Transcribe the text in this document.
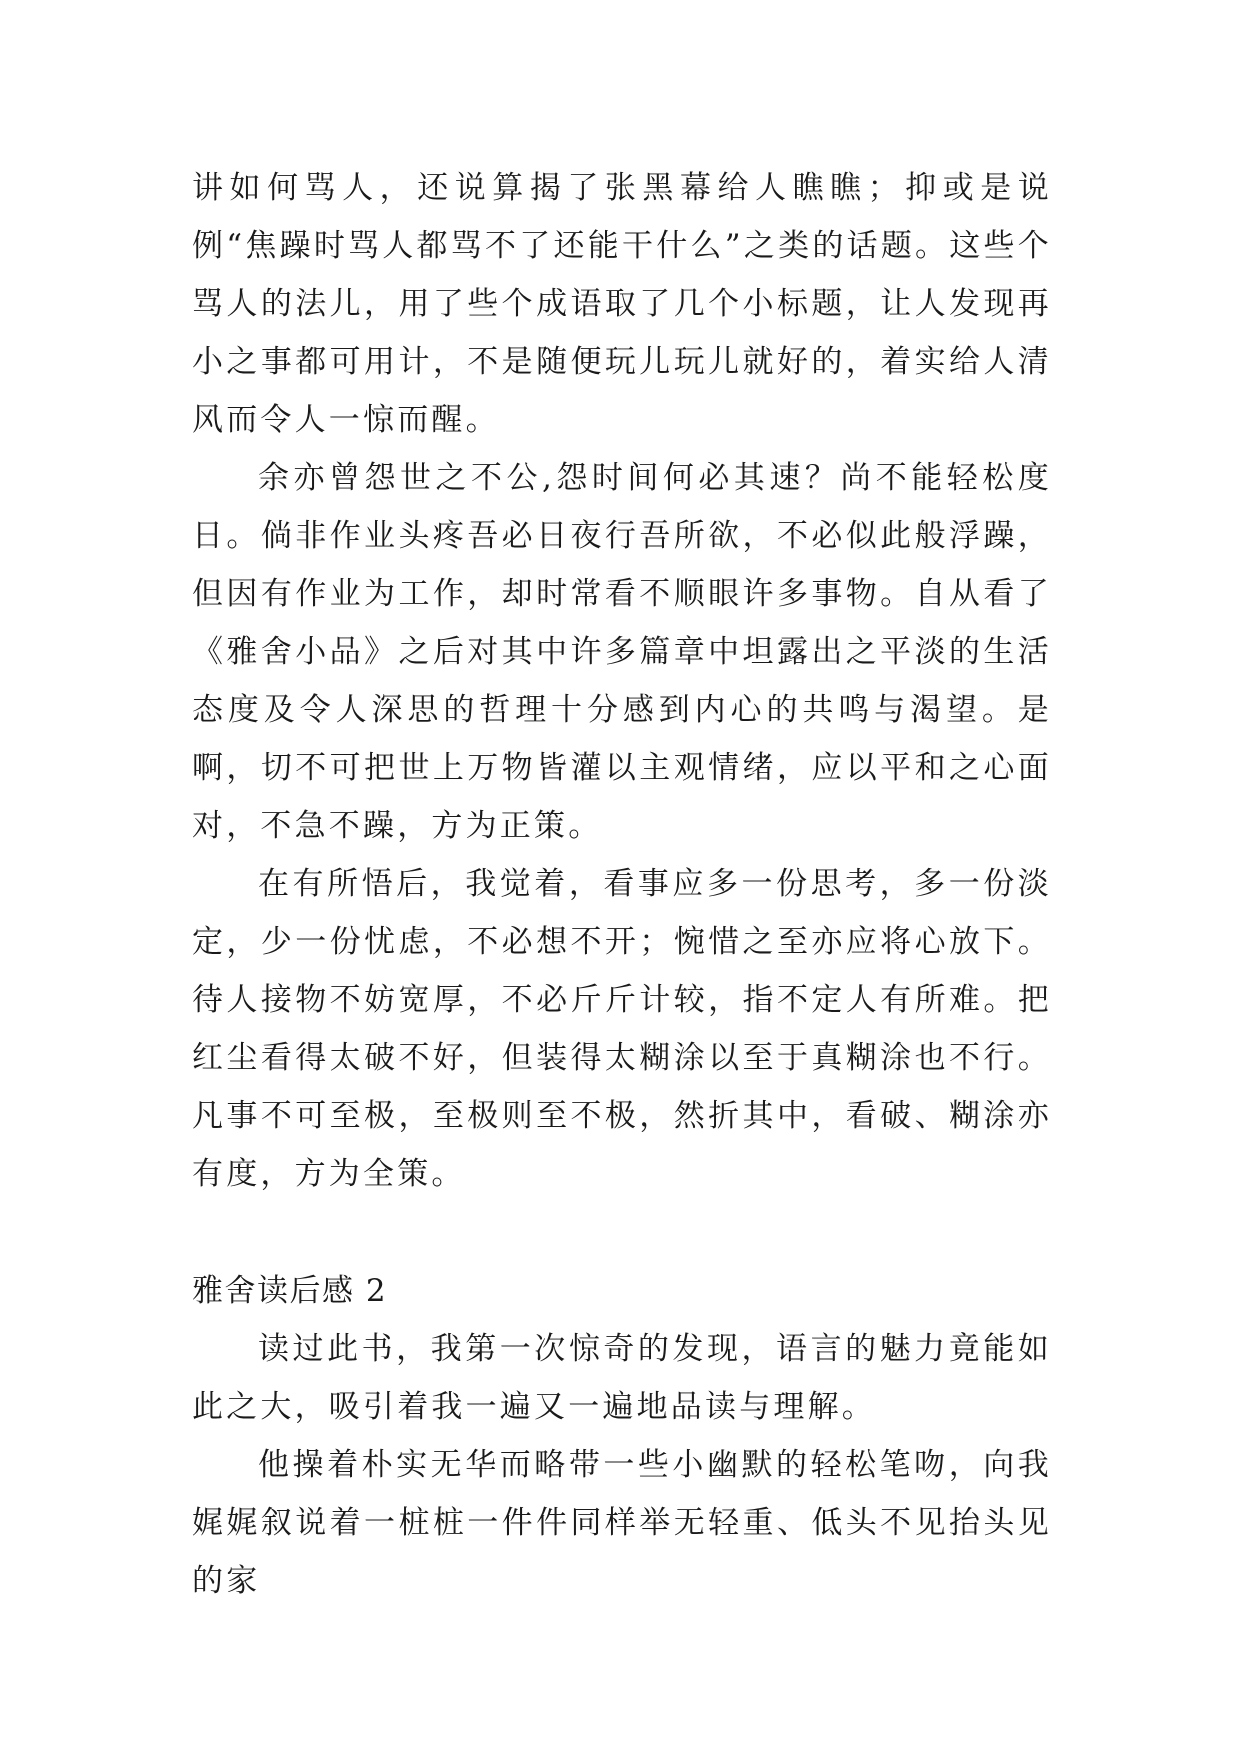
讲如何骂人，还说算揭了张黑幕给人瞧瞧；抑或是说例“焦躁时骂人都骂不了还能干什么”之类的话题。这些个骂人的法儿，用了些个成语取了几个小标题，让人发现再小之事都可用计，不是随便玩儿玩儿就好的，着实给人清风而令人一惊而醒。

余亦曾怨世之不公,怨时间何必其速？尚不能轻松度日。倘非作业头疼吾必日夜行吾所欲，不必似此般浮躁，但因有作业为工作，却时常看不顺眼许多事物。自从看了《雅舍小品》之后对其中许多篇章中坦露出之平淡的生活态度及令人深思的哲理十分感到内心的共鸣与渴望。是啊，切不可把世上万物皆灌以主观情绪，应以平和之心面对，不急不躁，方为正策。

在有所悟后，我觉着，看事应多一份思考，多一份淡定，少一份忧虑，不必想不开；惋惜之至亦应将心放下。待人接物不妨宽厚，不必斤斤计较，指不定人有所难。把红尘看得太破不好，但装得太糊涂以至于真糊涂也不行。凡事不可至极，至极则至不极，然折其中，看破、糊涂亦有度，方为全策。

雅舍读后感 2

读过此书，我第一次惊奇的发现，语言的魅力竟能如此之大，吸引着我一遍又一遍地品读与理解。

他操着朴实无华而略带一些小幽默的轻松笔吻，向我娓娓叙说着一桩桩一件件同样举无轻重、低头不见抬头见的家
